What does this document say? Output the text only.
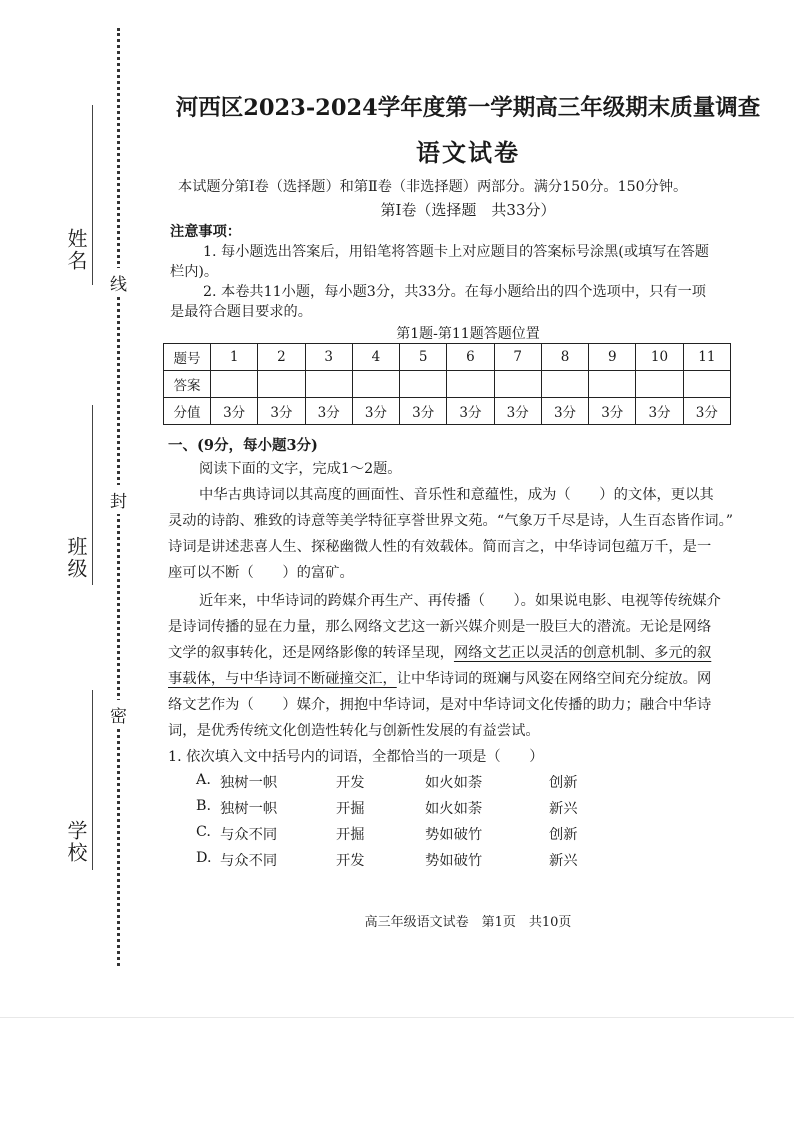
姓名
班级
学校
线
封
密
河西区2023-2024学年度第一学期高三年级期末质量调查
语文试卷
本试题分第Ⅰ卷（选择题）和第Ⅱ卷（非选择题）两部分。满分150分。150分钟。
第Ⅰ卷（选择题　共33分）
注意事项：
1. 每小题选出答案后，用铅笔将答题卡上对应题目的答案标号涂黑(或填写在答题
栏内)。
2. 本卷共11小题，每小题3分，共33分。在每小题给出的四个选项中，只有一项
是最符合题目要求的。
第1题-第11题答题位置
题号	1	2	3	4	5	6	7	8	9	10	11
答案											
分值	3分	3分	3分	3分	3分	3分	3分	3分	3分	3分	3分
一、(9分，每小题3分)
阅读下面的文字，完成1～2题。
中华古典诗词以其高度的画面性、音乐性和意蕴性，成为（　　）的文体，更以其
灵动的诗韵、雅致的诗意等美学特征享誉世界文苑。“气象万千尽是诗，人生百态皆作词。”
诗词是讲述悲喜人生、探秘幽微人性的有效载体。简而言之，中华诗词包蕴万千，是一
座可以不断（　　）的富矿。
近年来，中华诗词的跨媒介再生产、再传播（　　）。如果说电影、电视等传统媒介
是诗词传播的显在力量，那么网络文艺这一新兴媒介则是一股巨大的潜流。无论是网络
文学的叙事转化，还是网络影像的转译呈现，网络文艺正以灵活的创意机制、多元的叙
事载体，与中华诗词不断碰撞交汇，让中华诗词的斑斓与风姿在网络空间充分绽放。网
络文艺作为（　　）媒介，拥抱中华诗词，是对中华诗词文化传播的助力；融合中华诗
词，是优秀传统文化创造性转化与创新性发展的有益尝试。
1. 依次填入文中括号内的词语，全都恰当的一项是（　　）
A. 独树一帜	开发	如火如荼	创新
B. 独树一帜	开掘	如火如荼	新兴
C. 与众不同	开掘	势如破竹	创新
D. 与众不同	开发	势如破竹	新兴
高三年级语文试卷　第1页　共10页
